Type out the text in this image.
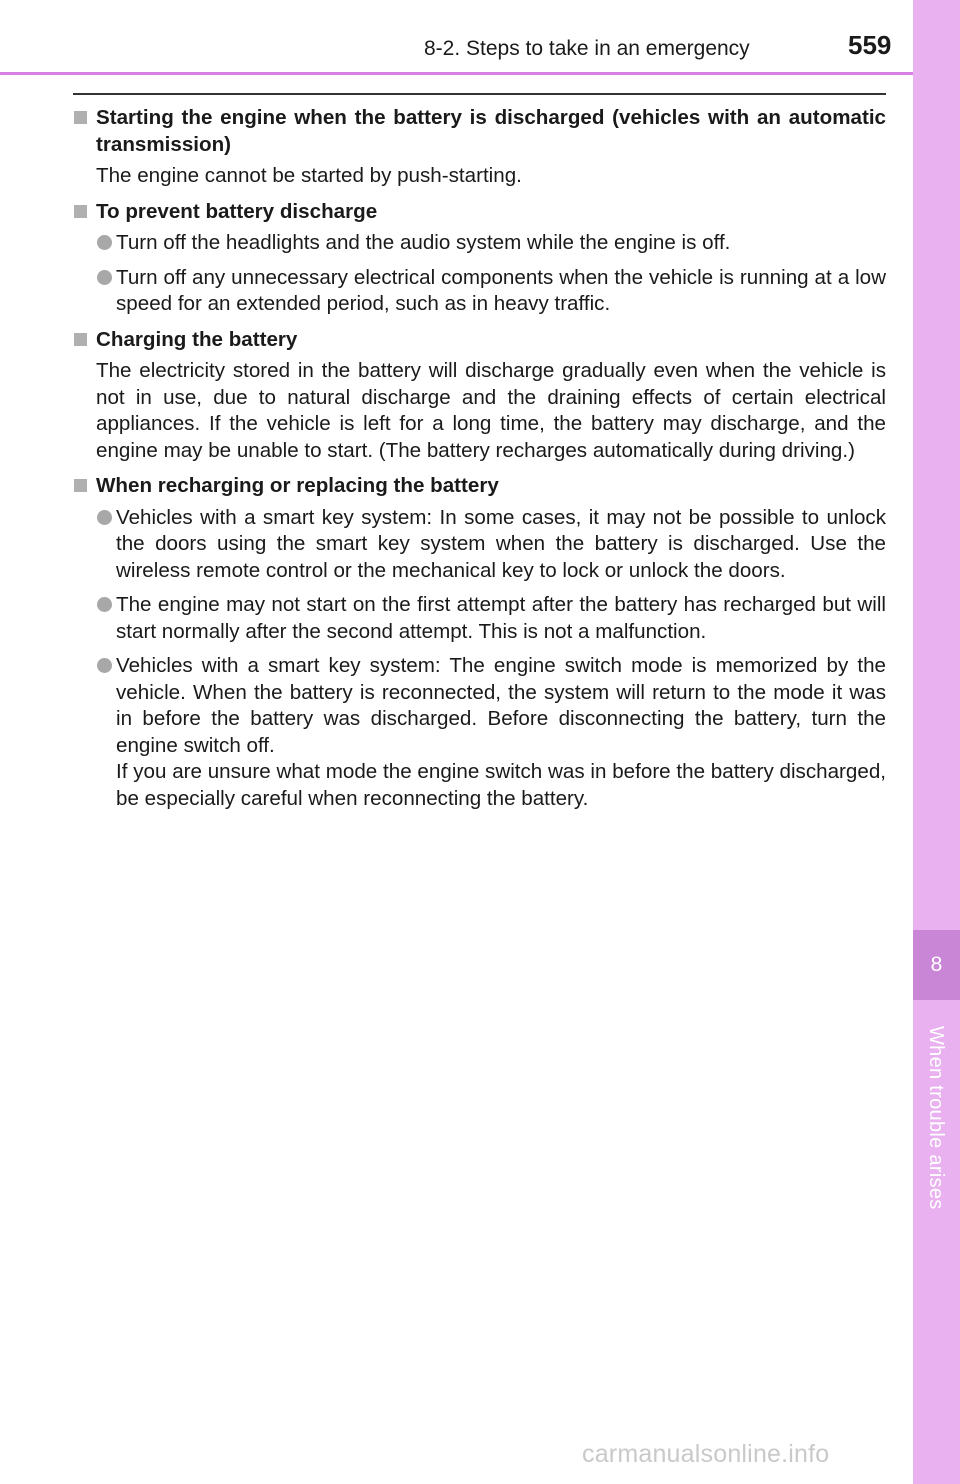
8
When trouble arises
8-2. Steps to take in an emergency	559
Starting the engine when the battery is discharged (vehicles with an automatic transmission)
The engine cannot be started by push-starting.
To prevent battery discharge
Turn off the headlights and the audio system while the engine is off.
Turn off any unnecessary electrical components when the vehicle is running at a low speed for an extended period, such as in heavy traffic.
Charging the battery
The electricity stored in the battery will discharge gradually even when the vehicle is not in use, due to natural discharge and the draining effects of certain electrical appliances. If the vehicle is left for a long time, the battery may discharge, and the engine may be unable to start. (The battery recharges automatically during driving.)
When recharging or replacing the battery
Vehicles with a smart key system: In some cases, it may not be possible to unlock the doors using the smart key system when the battery is discharged. Use the wireless remote control or the mechanical key to lock or unlock the doors.
The engine may not start on the first attempt after the battery has recharged but will start normally after the second attempt. This is not a malfunction.
Vehicles with a smart key system: The engine switch mode is memorized by the vehicle. When the battery is reconnected, the system will return to the mode it was in before the battery was discharged. Before disconnecting the battery, turn the engine switch off.
If you are unsure what mode the engine switch was in before the battery discharged, be especially careful when reconnecting the battery.
carmanualsonline.info
